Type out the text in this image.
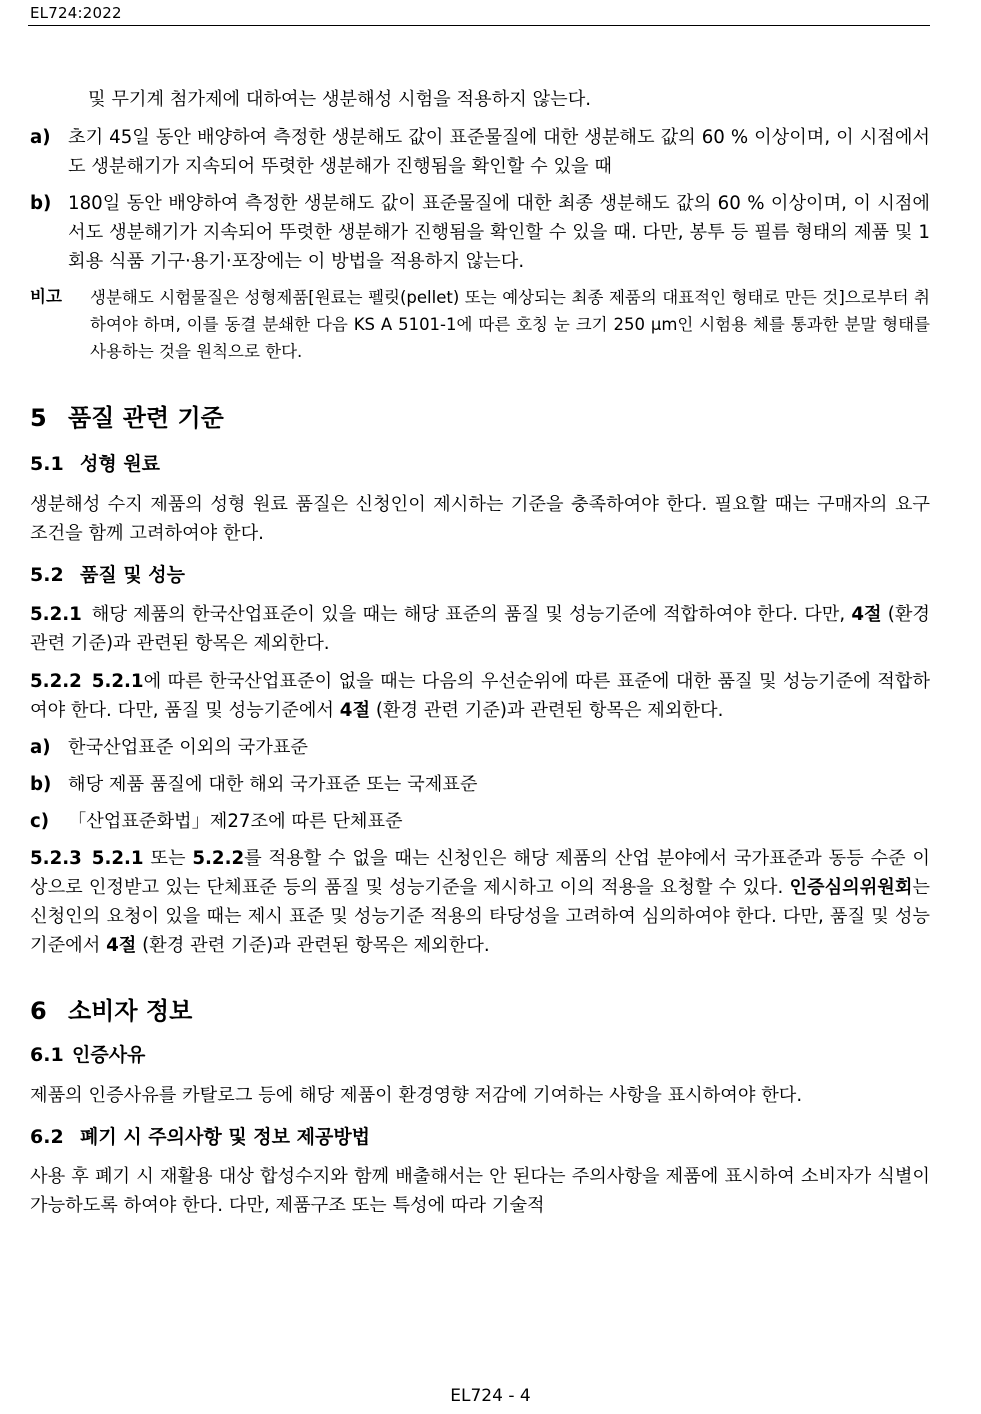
EL724:2022

및 무기계 첨가제에 대하여는 생분해성 시험을 적용하지 않는다.

a) 초기 45일 동안 배양하여 측정한 생분해도 값이 표준물질에 대한 생분해도 값의 60 % 이상이며, 이 시점에서도 생분해기가 지속되어 뚜렷한 생분해가 진행됨을 확인할 수 있을 때

b) 180일 동안 배양하여 측정한 생분해도 값이 표준물질에 대한 최종 생분해도 값의 60 % 이상이며, 이 시점에서도 생분해기가 지속되어 뚜렷한 생분해가 진행됨을 확인할 수 있을 때. 다만, 봉투 등 필름 형태의 제품 및 1회용 식품 기구·용기·포장에는 이 방법을 적용하지 않는다.

비고	생분해도 시험물질은 성형제품[원료는 펠릿(pellet) 또는 예상되는 최종 제품의 대표적인 형태로 만든 것]으로부터 취하여야 하며, 이를 동결 분쇄한 다음 KS A 5101-1에 따른 호칭 눈 크기 250 μm인 시험용 체를 통과한 분말 형태를 사용하는 것을 원칙으로 한다.
5 품질 관련 기준
5.1 성형 원료

생분해성 수지 제품의 성형 원료 품질은 신청인이 제시하는 기준을 충족하여야 한다. 필요할 때는 구매자의 요구 조건을 함께 고려하여야 한다.

5.2 품질 및 성능

5.2.1 해당 제품의 한국산업표준이 있을 때는 해당 표준의 품질 및 성능기준에 적합하여야 한다. 다만, 4절 (환경 관련 기준)과 관련된 항목은 제외한다.

5.2.2 5.2.1에 따른 한국산업표준이 없을 때는 다음의 우선순위에 따른 표준에 대한 품질 및 성능기준에 적합하여야 한다. 다만, 품질 및 성능기준에서 4절 (환경 관련 기준)과 관련된 항목은 제외한다.

a) 한국산업표준 이외의 국가표준

b) 해당 제품 품질에 대한 해외 국가표준 또는 국제표준

c)	「산업표준화법」제27조에 따른 단체표준

5.2.3 5.2.1 또는 5.2.2를 적용할 수 없을 때는 신청인은 해당 제품의 산업 분야에서 국가표준과 동등 수준 이상으로 인정받고 있는 단체표준 등의 품질 및 성능기준을 제시하고 이의 적용을 요청할 수 있다. 인증심의위원회는 신청인의 요청이 있을 때는 제시 표준 및 성능기준 적용의 타당성을 고려하여 심의하여야 한다. 다만, 품질 및 성능기준에서 4절 (환경 관련 기준)과 관련된 항목은 제외한다.

6 소비자 정보
6.1 인증사유

제품의 인증사유를 카탈로그 등에 해당 제품이 환경영향 저감에 기여하는 사항을 표시하여야 한다.

6.2 폐기 시 주의사항 및 정보 제공방법

사용 후 폐기 시 재활용 대상 합성수지와 함께 배출해서는 안 된다는 주의사항을 제품에 표시하여 소비자가 식별이 가능하도록 하여야 한다. 다만, 제품구조 또는 특성에 따라 기술적

EL724 - 4
